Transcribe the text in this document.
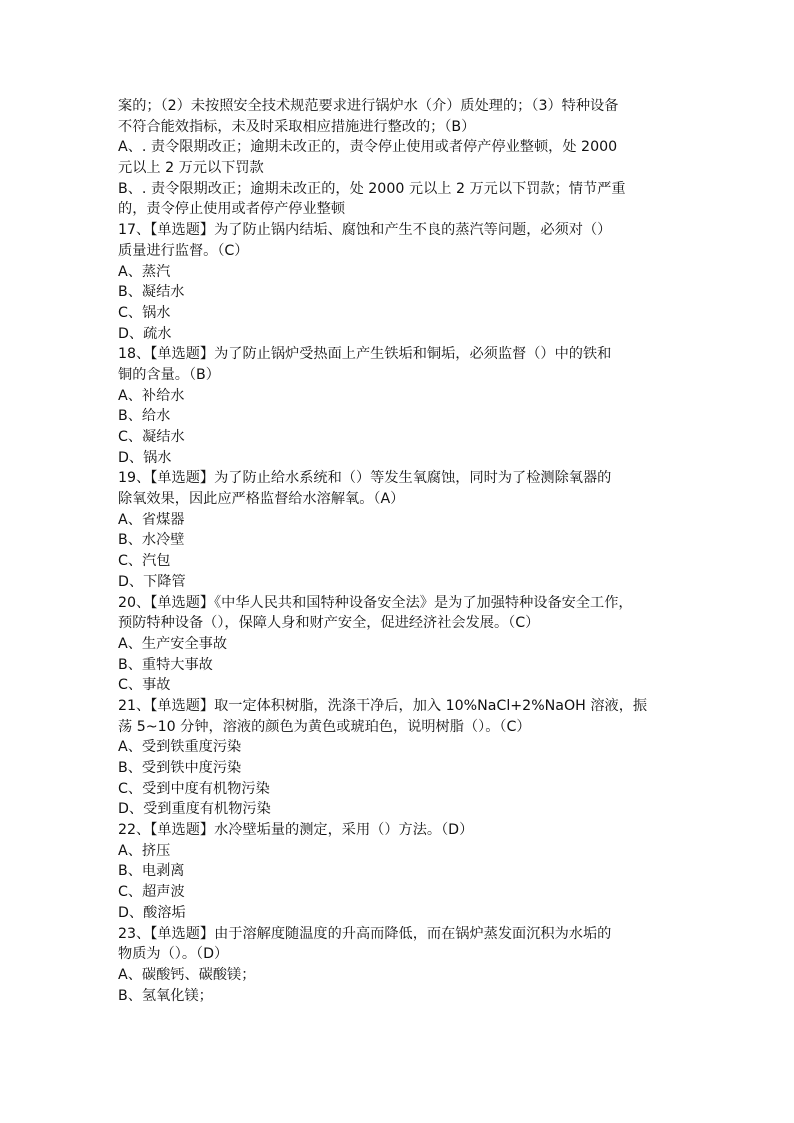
案的；（2）未按照安全技术规范要求进行锅炉水（介）质处理的；（3）特种设备
不符合能效指标，未及时采取相应措施进行整改的；（B）
A、. 责令限期改正；逾期未改正的，责令停止使用或者停产停业整顿，处 2000
元以上 2 万元以下罚款
B、. 责令限期改正；逾期未改正的，处 2000 元以上 2 万元以下罚款；情节严重
的，责令停止使用或者停产停业整顿
17、【单选题】为了防止锅内结垢、腐蚀和产生不良的蒸汽等问题，必须对（）
质量进行监督。（C）
A、蒸汽
B、凝结水
C、锅水
D、疏水
18、【单选题】为了防止锅炉受热面上产生铁垢和铜垢，必须监督（）中的铁和
铜的含量。（B）
A、补给水
B、给水
C、凝结水
D、锅水
19、【单选题】为了防止给水系统和（）等发生氧腐蚀，同时为了检测除氧器的
除氧效果，因此应严格监督给水溶解氧。（A）
A、省煤器
B、水冷壁
C、汽包
D、下降管
20、【单选题】《中华人民共和国特种设备安全法》是为了加强特种设备安全工作，
预防特种设备（），保障人身和财产安全，促进经济社会发展。（C）
A、生产安全事故
B、重特大事故
C、事故
21、【单选题】取一定体积树脂，洗涤干净后，加入 10%NaCl+2%NaOH 溶液，振
荡 5~10 分钟，溶液的颜色为黄色或琥珀色，说明树脂（）。（C）
A、受到铁重度污染
B、受到铁中度污染
C、受到中度有机物污染
D、受到重度有机物污染
22、【单选题】水冷壁垢量的测定，采用（）方法。（D）
A、挤压
B、电剥离
C、超声波
D、酸溶垢
23、【单选题】由于溶解度随温度的升高而降低，而在锅炉蒸发面沉积为水垢的
物质为（）。（D）
A、碳酸钙、碳酸镁；
B、氢氧化镁；
